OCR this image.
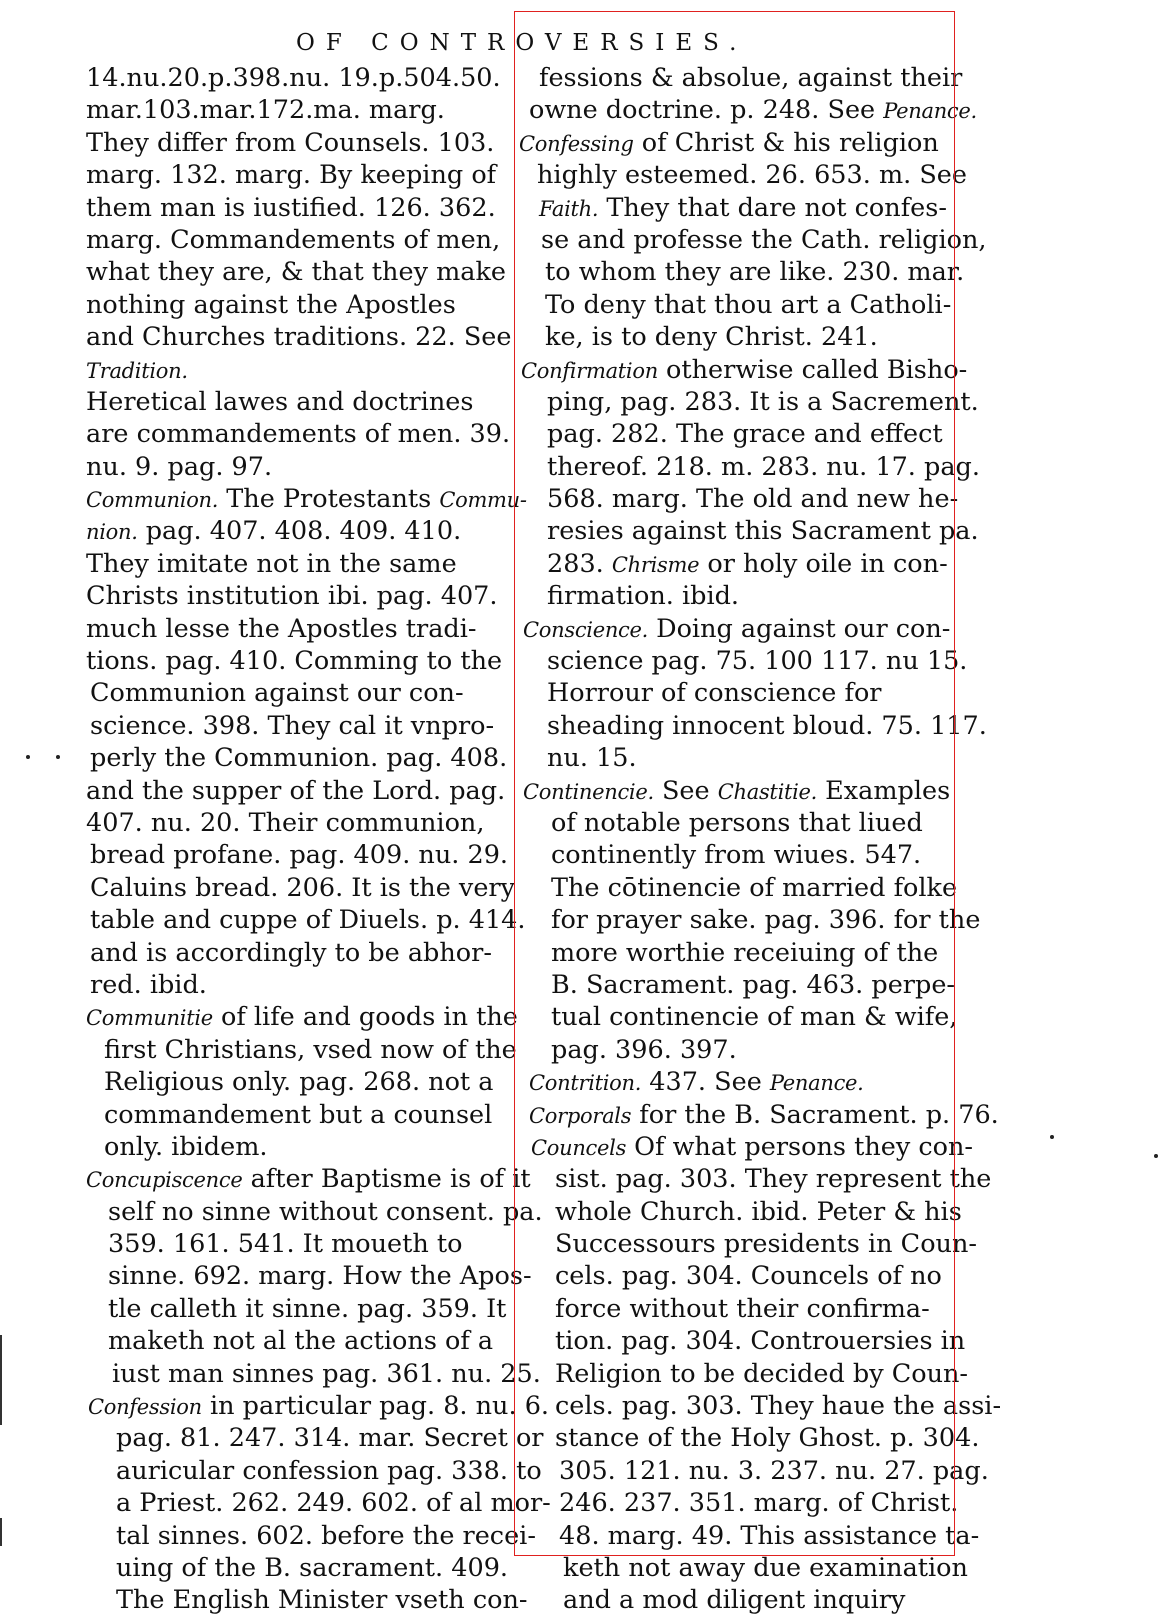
OF CONTROVERSIES.
14.nu.20.p.398.nu. 19.p.504.50.
mar.103.mar.172.ma. marg.
They differ from Counsels. 103.
marg. 132. marg. By keeping of
them man is iustified. 126. 362.
marg. Commandements of men,
what they are, & that they make
nothing against the Apostles
and Churches traditions. 22. See
Tradition.
Heretical lawes and doctrines
are commandements of men. 39.
nu. 9. pag. 97.
Communion. The Protestants Commu-
nion. pag. 407. 408. 409. 410.
They imitate not in the same
Christs institution ibi. pag. 407.
much lesse the Apostles tradi-
tions. pag. 410. Comming to the
Communion against our con-
science. 398. They cal it vnpro-
perly the Communion. pag. 408.
and the supper of the Lord. pag.
407. nu. 20. Their communion,
bread profane. pag. 409. nu. 29.
Caluins bread. 206. It is the very
table and cuppe of Diuels. p. 414.
and is accordingly to be abhor-
red. ibid.
Communitie of life and goods in the
first Christians, vsed now of the
Religious only. pag. 268. not a
commandement but a counsel
only. ibidem.
Concupiscence after Baptisme is of it
self no sinne without consent. pa.
359. 161. 541. It moueth to
sinne. 692. marg. How the Apos-
tle calleth it sinne. pag. 359. It
maketh not al the actions of a
iust man sinnes pag. 361. nu. 25.
Confession in particular pag. 8. nu. 6.
pag. 81. 247. 314. mar. Secret or
auricular confession pag. 338. to
a Priest. 262. 249. 602. of al mor-
tal sinnes. 602. before the recei-
uing of the B. sacrament. 409.
The English Minister vseth con-
fessions & absolue, against their
owne doctrine. p. 248. See Penance.
Confessing of Christ & his religion
highly esteemed. 26. 653. m. See
Faith. They that dare not confes-
se and professe the Cath. religion,
to whom they are like. 230. mar.
To deny that thou art a Catholi-
ke, is to deny Christ. 241.
Confirmation otherwise called Bisho-
ping, pag. 283. It is a Sacrement.
pag. 282. The grace and effect
thereof. 218. m. 283. nu. 17. pag.
568. marg. The old and new he-
resies against this Sacrament pa.
283. Chrisme or holy oile in con-
firmation. ibid.
Conscience. Doing against our con-
science pag. 75. 100 117. nu 15.
Horrour of conscience for
sheading innocent bloud. 75. 117.
nu. 15.
Continencie. See Chastitie. Examples
of notable persons that liued
continently from wiues. 547.
The cōtinencie of married folke
for prayer sake. pag. 396. for the
more worthie receiuing of the
B. Sacrament. pag. 463. perpe-
tual continencie of man & wife,
pag. 396. 397.
Contrition. 437. See Penance.
Corporals for the B. Sacrament. p. 76.
Councels Of what persons they con-
sist. pag. 303. They represent the
whole Church. ibid. Peter & his
Successours presidents in Coun-
cels. pag. 304. Councels of no
force without their confirma-
tion. pag. 304. Controuersies in
Religion to be decided by Coun-
cels. pag. 303. They haue the assi-
stance of the Holy Ghost. p. 304.
305. 121. nu. 3. 237. nu. 27. pag.
246. 237. 351. marg. of Christ.
48. marg. 49. This assistance ta-
keth not away due examination
and a mod diligent inquiry
